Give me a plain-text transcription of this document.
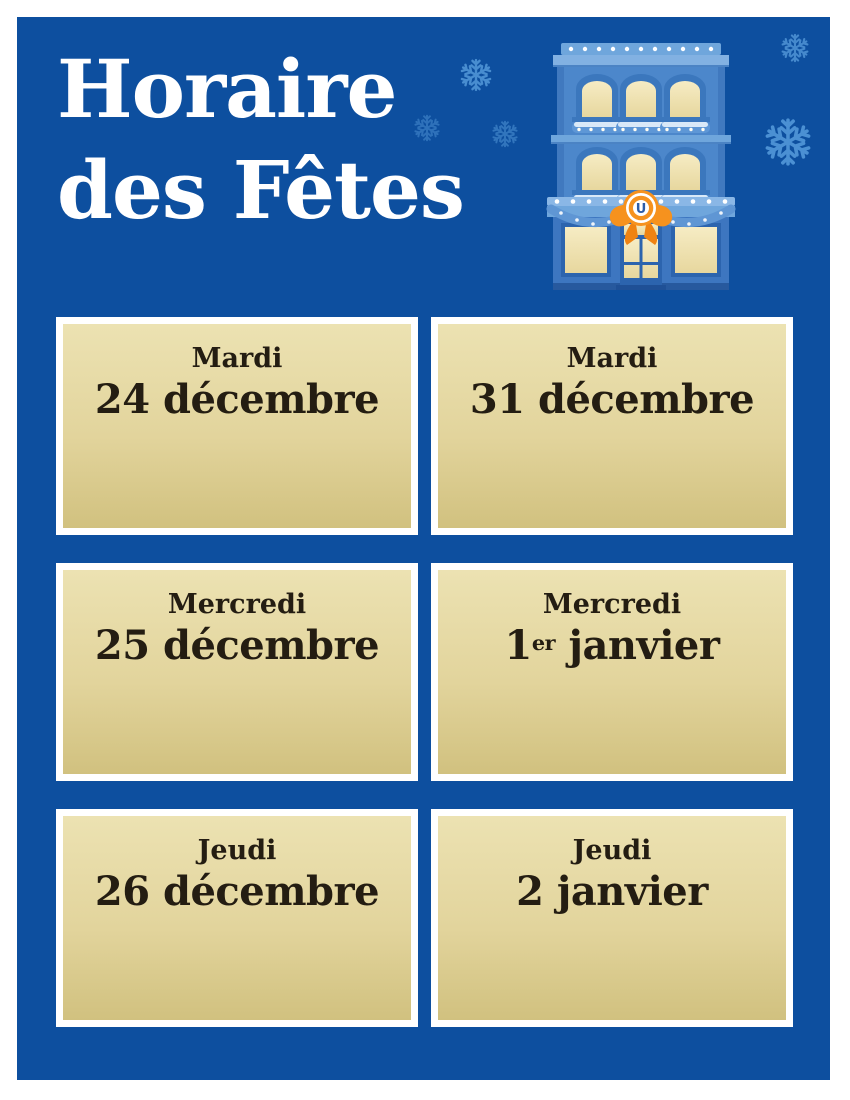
Horaire
des Fêtes	U
Mardi
24 décembre
Mardi
31 décembre
Mercredi
25 décembre
Mercredi
1er janvier
Jeudi
26 décembre
Jeudi
2 janvier
